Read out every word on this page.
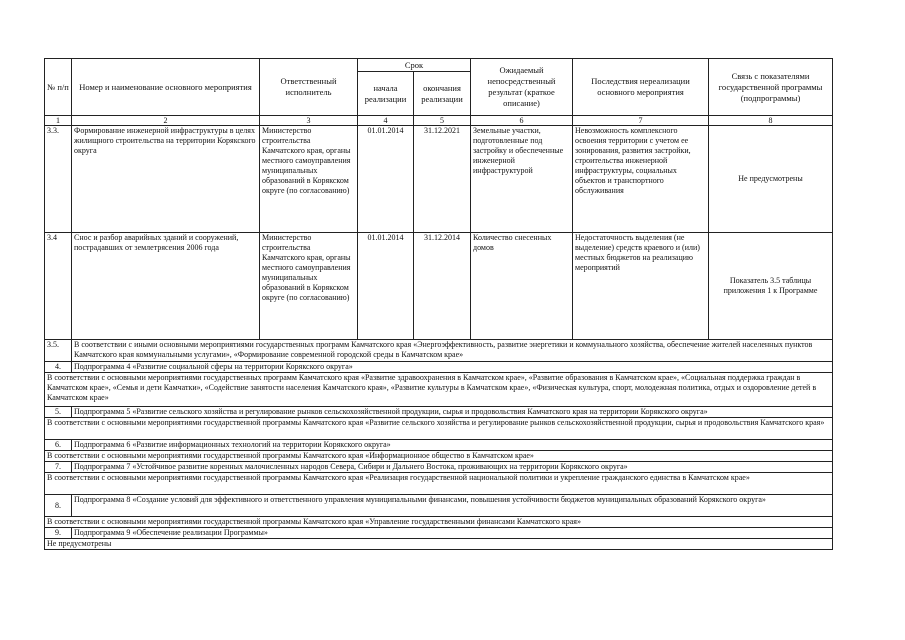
№ п/п	Номер и наименование основного мероприятия	Ответственный исполнитель	Срок		Ожидаемый непосредственный результат (краткое описание)	Последствия нереализации основного мероприятия	Связь с показателями государственной программы (подпрограммы)
			начала реализации	окончания реализации			
1	2	3	4	5	6	7	8
3.3.	Формирование инженерной инфраструктуры в целях жилищного строительства на территории Корякского округа	Министерство строительства Камчатского края, органы местного самоуправления муниципальных образований в Корякском округе (по согласованию)	01.01.2014	31.12.2021	Земельные участки, подготовленные под застройку и обеспеченные инженерной инфраструктурой	Невозможность комплексного освоения территории с учетом ее зонирования, развития застройки, строительства инженерной инфраструктуры, социальных объектов и транспортного обслуживания	Не предусмотрены
3.4	Снос и разбор аварийных зданий и сооружений, пострадавших от землетрясения 2006 года	Министерство строительства Камчатского края, органы местного самоуправления муниципальных образований в Корякском округе (по согласованию)	01.01.2014	31.12.2014	Количество снесенных домов	Недостаточность выделения (не выделение) средств краевого и (или) местных бюджетов на реализацию мероприятий	Показатель 3.5 таблицы приложения 1 к Программе
3.5.	В соответствии с иными основными мероприятиями государственных программ Камчатского края «Энергоэффективность, развитие энергетики и коммунального хозяйства, обеспечение жителей населенных пунктов Камчатского края коммунальными услугами», «Формирование современной городской среды в Камчатском крае»						
4.	Подпрограмма 4 «Развитие социальной сферы на территории Корякского округа»						
В соответствии с основными мероприятиями государственных программ Камчатского края «Развитие здравоохранения в Камчатском крае», «Развитие образования в Камчатском крае», «Социальная поддержка граждан в Камчатском крае», «Семья и дети Камчатки», «Содействие занятости населения Камчатского края», «Развитие культуры в Камчатском крае», «Физическая культура, спорт, молодежная политика, отдых и оздоровление детей в Камчатском крае»							
5.	Подпрограмма 5 «Развитие сельского хозяйства и регулирование рынков сельскохозяйственной продукции, сырья и продовольствия Камчатского края на территории Корякского округа»						
В соответствии с основными мероприятиями государственной программы Камчатского края «Развитие сельского хозяйства и регулирование рынков сельскохозяйственной продукции, сырья и продовольствия Камчатского края»							
6.	Подпрограмма 6 «Развитие информационных технологий на территории Корякского округа»						
В соответствии с основными мероприятиями государственной программы Камчатского края «Информационное общество в Камчатском крае»							
7.	Подпрограмма 7 «Устойчивое развитие коренных малочисленных народов Севера, Сибири и Дальнего Востока, проживающих на территории Корякского округа»						
В соответствии с основными мероприятиями государственной программы Камчатского края «Реализация государственной национальной политики и укрепление гражданского единства в Камчатском крае»							
8.	Подпрограмма 8 «Создание условий для эффективного и ответственного управления муниципальными финансами, повышения устойчивости бюджетов муниципальных образований Корякского округа»						
В соответствии с основными мероприятиями государственной программы Камчатского края «Управление государственными финансами Камчатского края»							
9.	Подпрограмма 9 «Обеспечение реализации Программы»						
Не предусмотрены							
